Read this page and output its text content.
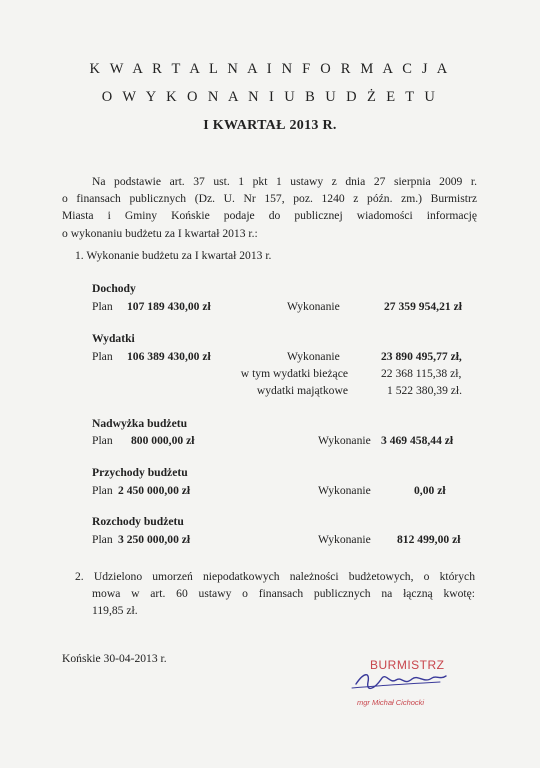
K W A R T A L N A I N F O R M A C J A
O W Y K O N A N I U B U D Ż E T U
I KWARTAŁ 2013 R.
Na podstawie art. 37 ust. 1 pkt 1 ustawy z dnia 27 sierpnia 2009 r.
o finansach publicznych (Dz. U. Nr 157, poz. 1240 z późn. zm.) Burmistrz
Miasta i Gminy Końskie podaje do publicznej wiadomości informację
o wykonaniu budżetu za I kwartał 2013 r.:
1. Wykonanie budżetu za I kwartał 2013 r.
Dochody
Plan 107 189 430,00 zł	Wykonanie	27 359 954,21 zł
Wydatki
Plan 106 389 430,00 zł	Wykonanie	23 890 495,77 zł,
w tym wydatki bieżące	22 368 115,38 zł,
wydatki majątkowe	1 522 380,39 zł.
Nadwyżka budżetu
Plan 800 000,00 zł	Wykonanie 3 469 458,44 zł
Przychody budżetu
Plan 2 450 000,00 zł	Wykonanie	0,00 zł
Rozchody budżetu
Plan 3 250 000,00 zł	Wykonanie 812 499,00 zł
2. Udzielono umorzeń niepodatkowych należności budżetowych, o których
mowa w art. 60 ustawy o finansach publicznych na łączną kwotę:
119,85 zł.
Końskie 30-04-2013 r.	BURMISTRZ
mgr Michał Cichocki
